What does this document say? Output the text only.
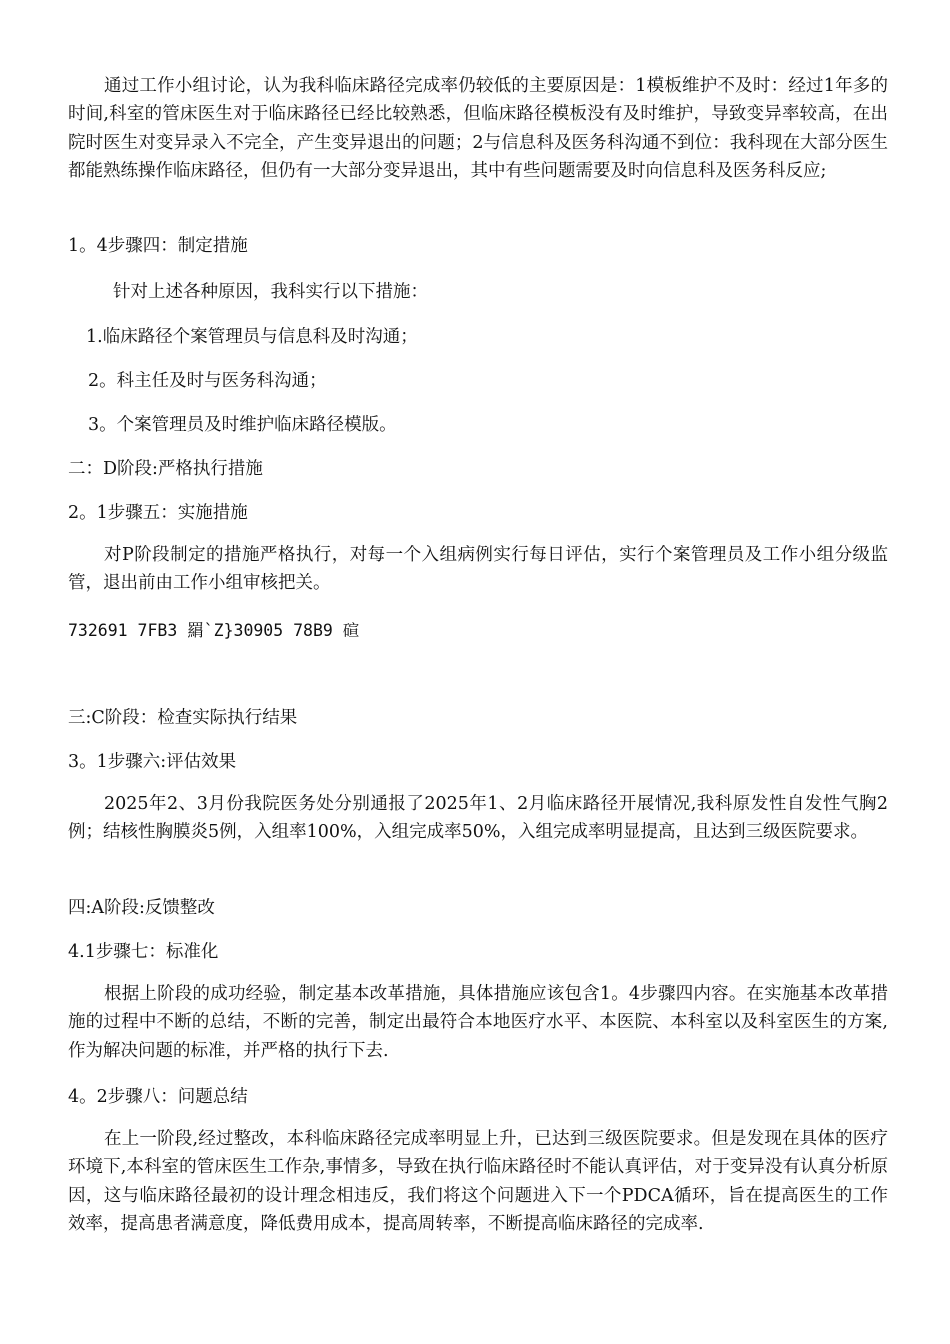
通过工作小组讨论，认为我科临床路径完成率仍较低的主要原因是：1模板维护不及时：经过1年多的时间,科室的管床医生对于临床路径已经比较熟悉，但临床路径模板没有及时维护，导致变异率较高，在出院时医生对变异录入不完全，产生变异退出的问题；2与信息科及医务科沟通不到位：我科现在大部分医生都能熟练操作临床路径，但仍有一大部分变异退出，其中有些问题需要及时向信息科及医务科反应;

1。4步骤四：制定措施

针对上述各种原因，我科实行以下措施：

1.临床路径个案管理员与信息科及时沟通；

2。科主任及时与医务科沟通；

3。个案管理员及时维护临床路径模版。

二：D阶段:严格执行措施

2。1步骤五：实施措施

对P阶段制定的措施严格执行，对每一个入组病例实行每日评估，实行个案管理员及工作小组分级监管，退出前由工作小组审核把关。

732691 7FB3 羂`Z}30905 78B9 碹

三:C阶段：检查实际执行结果

3。1步骤六:评估效果

2025年2、3月份我院医务处分别通报了2025年1、2月临床路径开展情况,我科原发性自发性气胸2例；结核性胸膜炎5例，入组率100%，入组完成率50%，入组完成率明显提高，且达到三级医院要求。

四:A阶段:反馈整改

4.1步骤七：标准化

根据上阶段的成功经验，制定基本改革措施，具体措施应该包含1。4步骤四内容。在实施基本改革措施的过程中不断的总结，不断的完善，制定出最符合本地医疗水平、本医院、本科室以及科室医生的方案,作为解决问题的标准，并严格的执行下去.

4。2步骤八：问题总结

在上一阶段,经过整改，本科临床路径完成率明显上升，已达到三级医院要求。但是发现在具体的医疗环境下,本科室的管床医生工作杂,事情多，导致在执行临床路径时不能认真评估，对于变异没有认真分析原因，这与临床路径最初的设计理念相违反，我们将这个问题进入下一个PDCA循环，旨在提高医生的工作效率，提高患者满意度，降低费用成本，提高周转率，不断提高临床路径的完成率.
